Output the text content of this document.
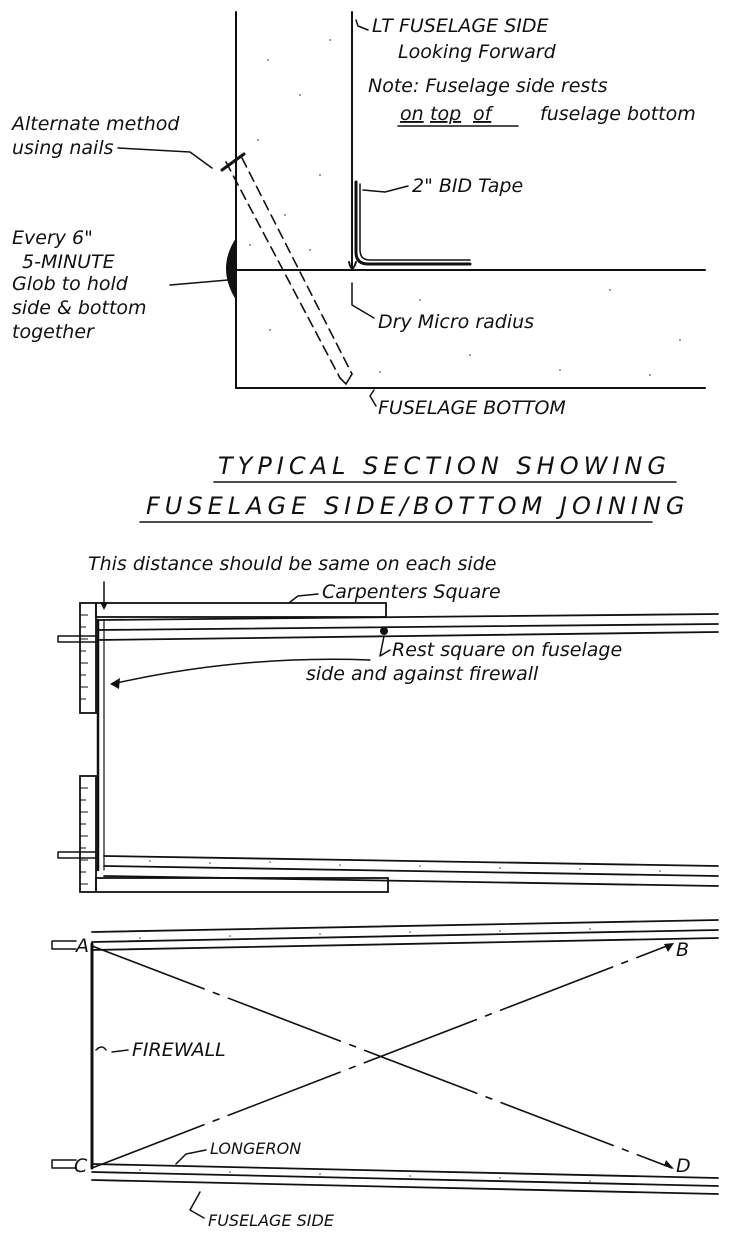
LT FUSELAGE SIDE
Looking Forward
Note: Fuselage side rests
on top of	fuselage bottom
Alternate method
using nails
2" BID Tape
Every 6"
5-MINUTE
Glob to hold
side & bottom
together	Dry Micro radius
FUSELAGE BOTTOM
TYPICAL SECTION SHOWING
FUSELAGE SIDE/BOTTOM JOINING
This distance should be same on each side
Carpenters Square
Rest square on fuselage
side and against firewall
A	B
C	D
FIREWALL
LONGERON
FUSELAGE SIDE
